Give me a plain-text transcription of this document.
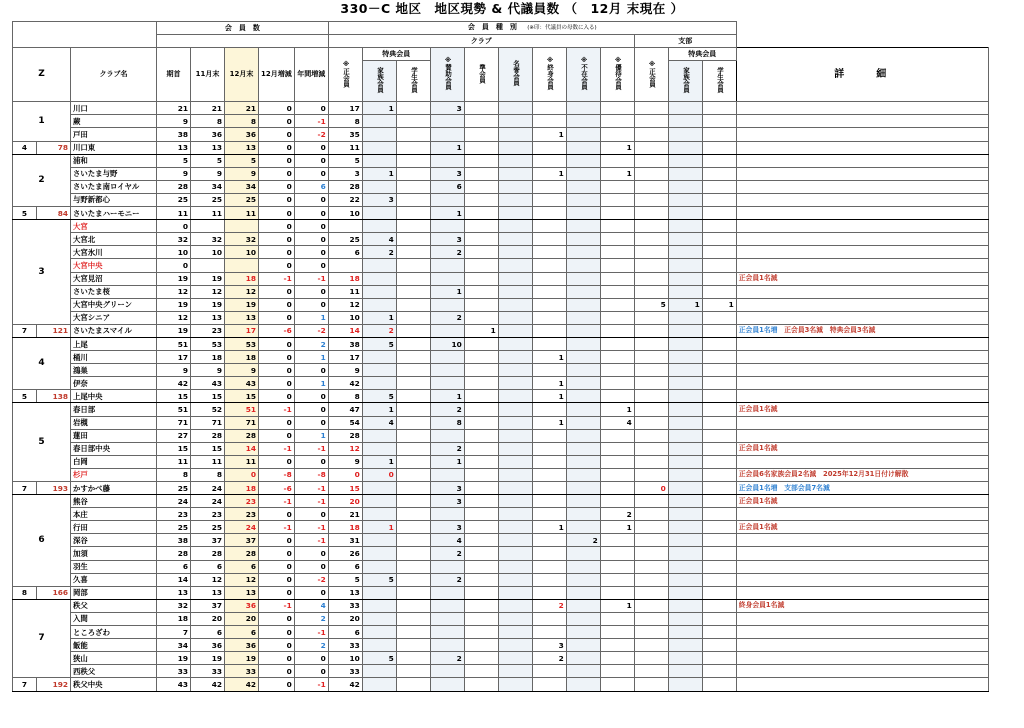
330－C 地区　地区現勢 & 代議員数 （　12月 末現在 ）
			会　員　数					会　員　種　別 (※印：代議員の母数に入る)												
								クラブ									支部			
Z		クラブ名	期首	11月末	12月末	12月増減	年間増減	※正会員	特典会員		※賛助会員	準会員	名誉会員	※終身会員	※不在会員	※優待会員	※正会員	特典会員		詳　　細
									家族会員	学生会員								家族会員	学生会員	
1		川口	21	21	21	0	0	17	1		3									
		蕨	9	8	8	0	-1	8												
		戸田	38	36	36	0	-2	35						1						
4	78	川口東	13	13	13	0	0	11			1					1				
2		浦和	5	5	5	0	0	5												
		さいたま与野	9	9	9	0	0	3	1		3			1		1				
		さいたま南ロイヤル	28	34	34	0	6	28			6									
		与野新都心	25	25	25	0	0	22	3											
5	84	さいたまハーモニー	11	11	11	0	0	10			1									
3		大宮	0			0	0													
		大宮北	32	32	32	0	0	25	4		3									
		大宮氷川	10	10	10	0	0	6	2		2									
		大宮中央	0			0	0													
		大宮見沼	19	19	18	-1	-1	18												正会員1名減
		さいたま桜	12	12	12	0	0	11			1									
		大宮中央グリーン	19	19	19	0	0	12									5	1	1	
		大宮シニア	12	13	13	0	1	10	1		2									
7	121	さいたまスマイル	19	23	17	-6	-2	14	2			1								正会員1名増　正会員3名減　特典会員3名減
4		上尾	51	53	53	0	2	38	5		10									
		桶川	17	18	18	0	1	17						1						
		鴻巣	9	9	9	0	0	9												
		伊奈	42	43	43	0	1	42						1						
5	138	上尾中央	15	15	15	0	0	8	5		1			1						
5		春日部	51	52	51	-1	0	47	1		2					1				正会員1名減
		岩槻	71	71	71	0	0	54	4		8			1		4				
		蓮田	27	28	28	0	1	28												
		春日部中央	15	15	14	-1	-1	12			2									正会員1名減
		白岡	11	11	11	0	0	9	1		1									
		杉戸	8	8	0	-8	-8	0	0											正会員6名家族会員2名減　2025年12月31日付け解散
7	193	かすかべ藤	25	24	18	-6	-1	15			3						0			正会員1名増　支部会員7名減
6		熊谷	24	24	23	-1	-1	20			3									正会員1名減
		本庄	23	23	23	0	0	21								2				
		行田	25	25	24	-1	-1	18	1		3			1		1				正会員1名減
		深谷	38	37	37	0	-1	31			4				2					
		加須	28	28	28	0	0	26			2									
		羽生	6	6	6	0	0	6												
		久喜	14	12	12	0	-2	5	5		2									
8	166	岡部	13	13	13	0	0	13												
7		秩父	32	37	36	-1	4	33						2		1				終身会員1名減
		入間	18	20	20	0	2	20												
		ところざわ	7	6	6	0	-1	6												
		飯能	34	36	36	0	2	33						3						
		狭山	19	19	19	0	0	10	5		2			2						
		西秩父	33	33	33	0	0	33												
7	192	秩父中央	43	42	42	0	-1	42												
